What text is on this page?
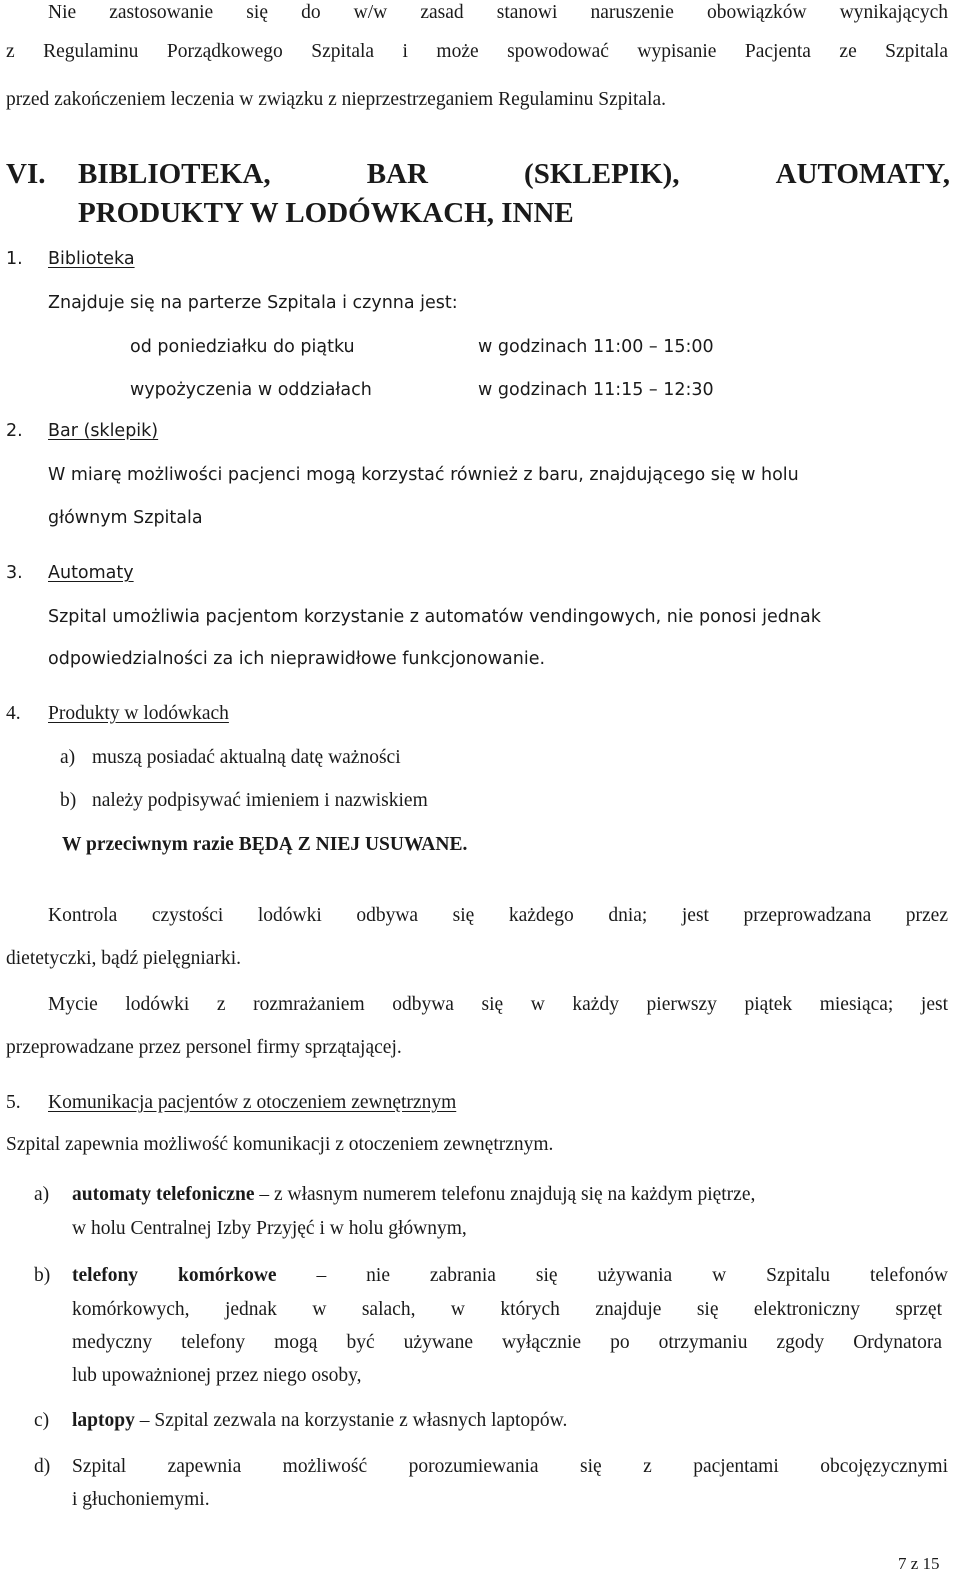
Nie zastosowanie się do w/w zasad stanowi naruszenie obowiązków wynikających
z Regulaminu Porządkowego Szpitala i może spowodować wypisanie Pacjenta ze Szpitala
przed zakończeniem leczenia w związku z nieprzestrzeganiem Regulaminu Szpitala.
VI. BIBLIOTEKA,	BAR	(SKLEPIK),	AUTOMATY,
PRODUKTY W LODÓWKACH, INNE
1. Biblioteka
Znajduje się na parterze Szpitala i czynna jest:
od poniedziałku do piątku	w godzinach 11:00 – 15:00
wypożyczenia w oddziałach	w godzinach 11:15 – 12:30
2. Bar (sklepik)
W miarę możliwości pacjenci mogą korzystać również z baru, znajdującego się w holu
głównym Szpitala
3. Automaty
Szpital umożliwia pacjentom korzystanie z automatów vendingowych, nie ponosi jednak
odpowiedzialności za ich nieprawidłowe funkcjonowanie.
4. Produkty w lodówkach
a) muszą posiadać aktualną datę ważności
b) należy podpisywać imieniem i nazwiskiem
W przeciwnym razie BĘDĄ Z NIEJ USUWANE.
Kontrola czystości lodówki odbywa się każdego dnia; jest przeprowadzana przez
dietetyczki, bądź pielęgniarki.
Mycie lodówki z rozmrażaniem odbywa się w każdy pierwszy piątek miesiąca; jest
przeprowadzane przez personel firmy sprzątającej.
5. Komunikacja pacjentów z otoczeniem zewnętrznym
Szpital zapewnia możliwość komunikacji z otoczeniem zewnętrznym.
a) automaty telefoniczne – z własnym numerem telefonu znajdują się na każdym piętrze,
w holu Centralnej Izby Przyjęć i w holu głównym,
b) telefony komórkowe – nie zabrania się używania w Szpitalu telefonów
komórkowych, jednak w salach, w których znajduje się elektroniczny sprzęt
medyczny telefony mogą być używane wyłącznie po otrzymaniu zgody Ordynatora
lub upoważnionej przez niego osoby,
c) laptopy – Szpital zezwala na korzystanie z własnych laptopów.
d) Szpital zapewnia możliwość porozumiewania się z pacjentami obcojęzycznymi
i głuchoniemymi.
7 z 15
